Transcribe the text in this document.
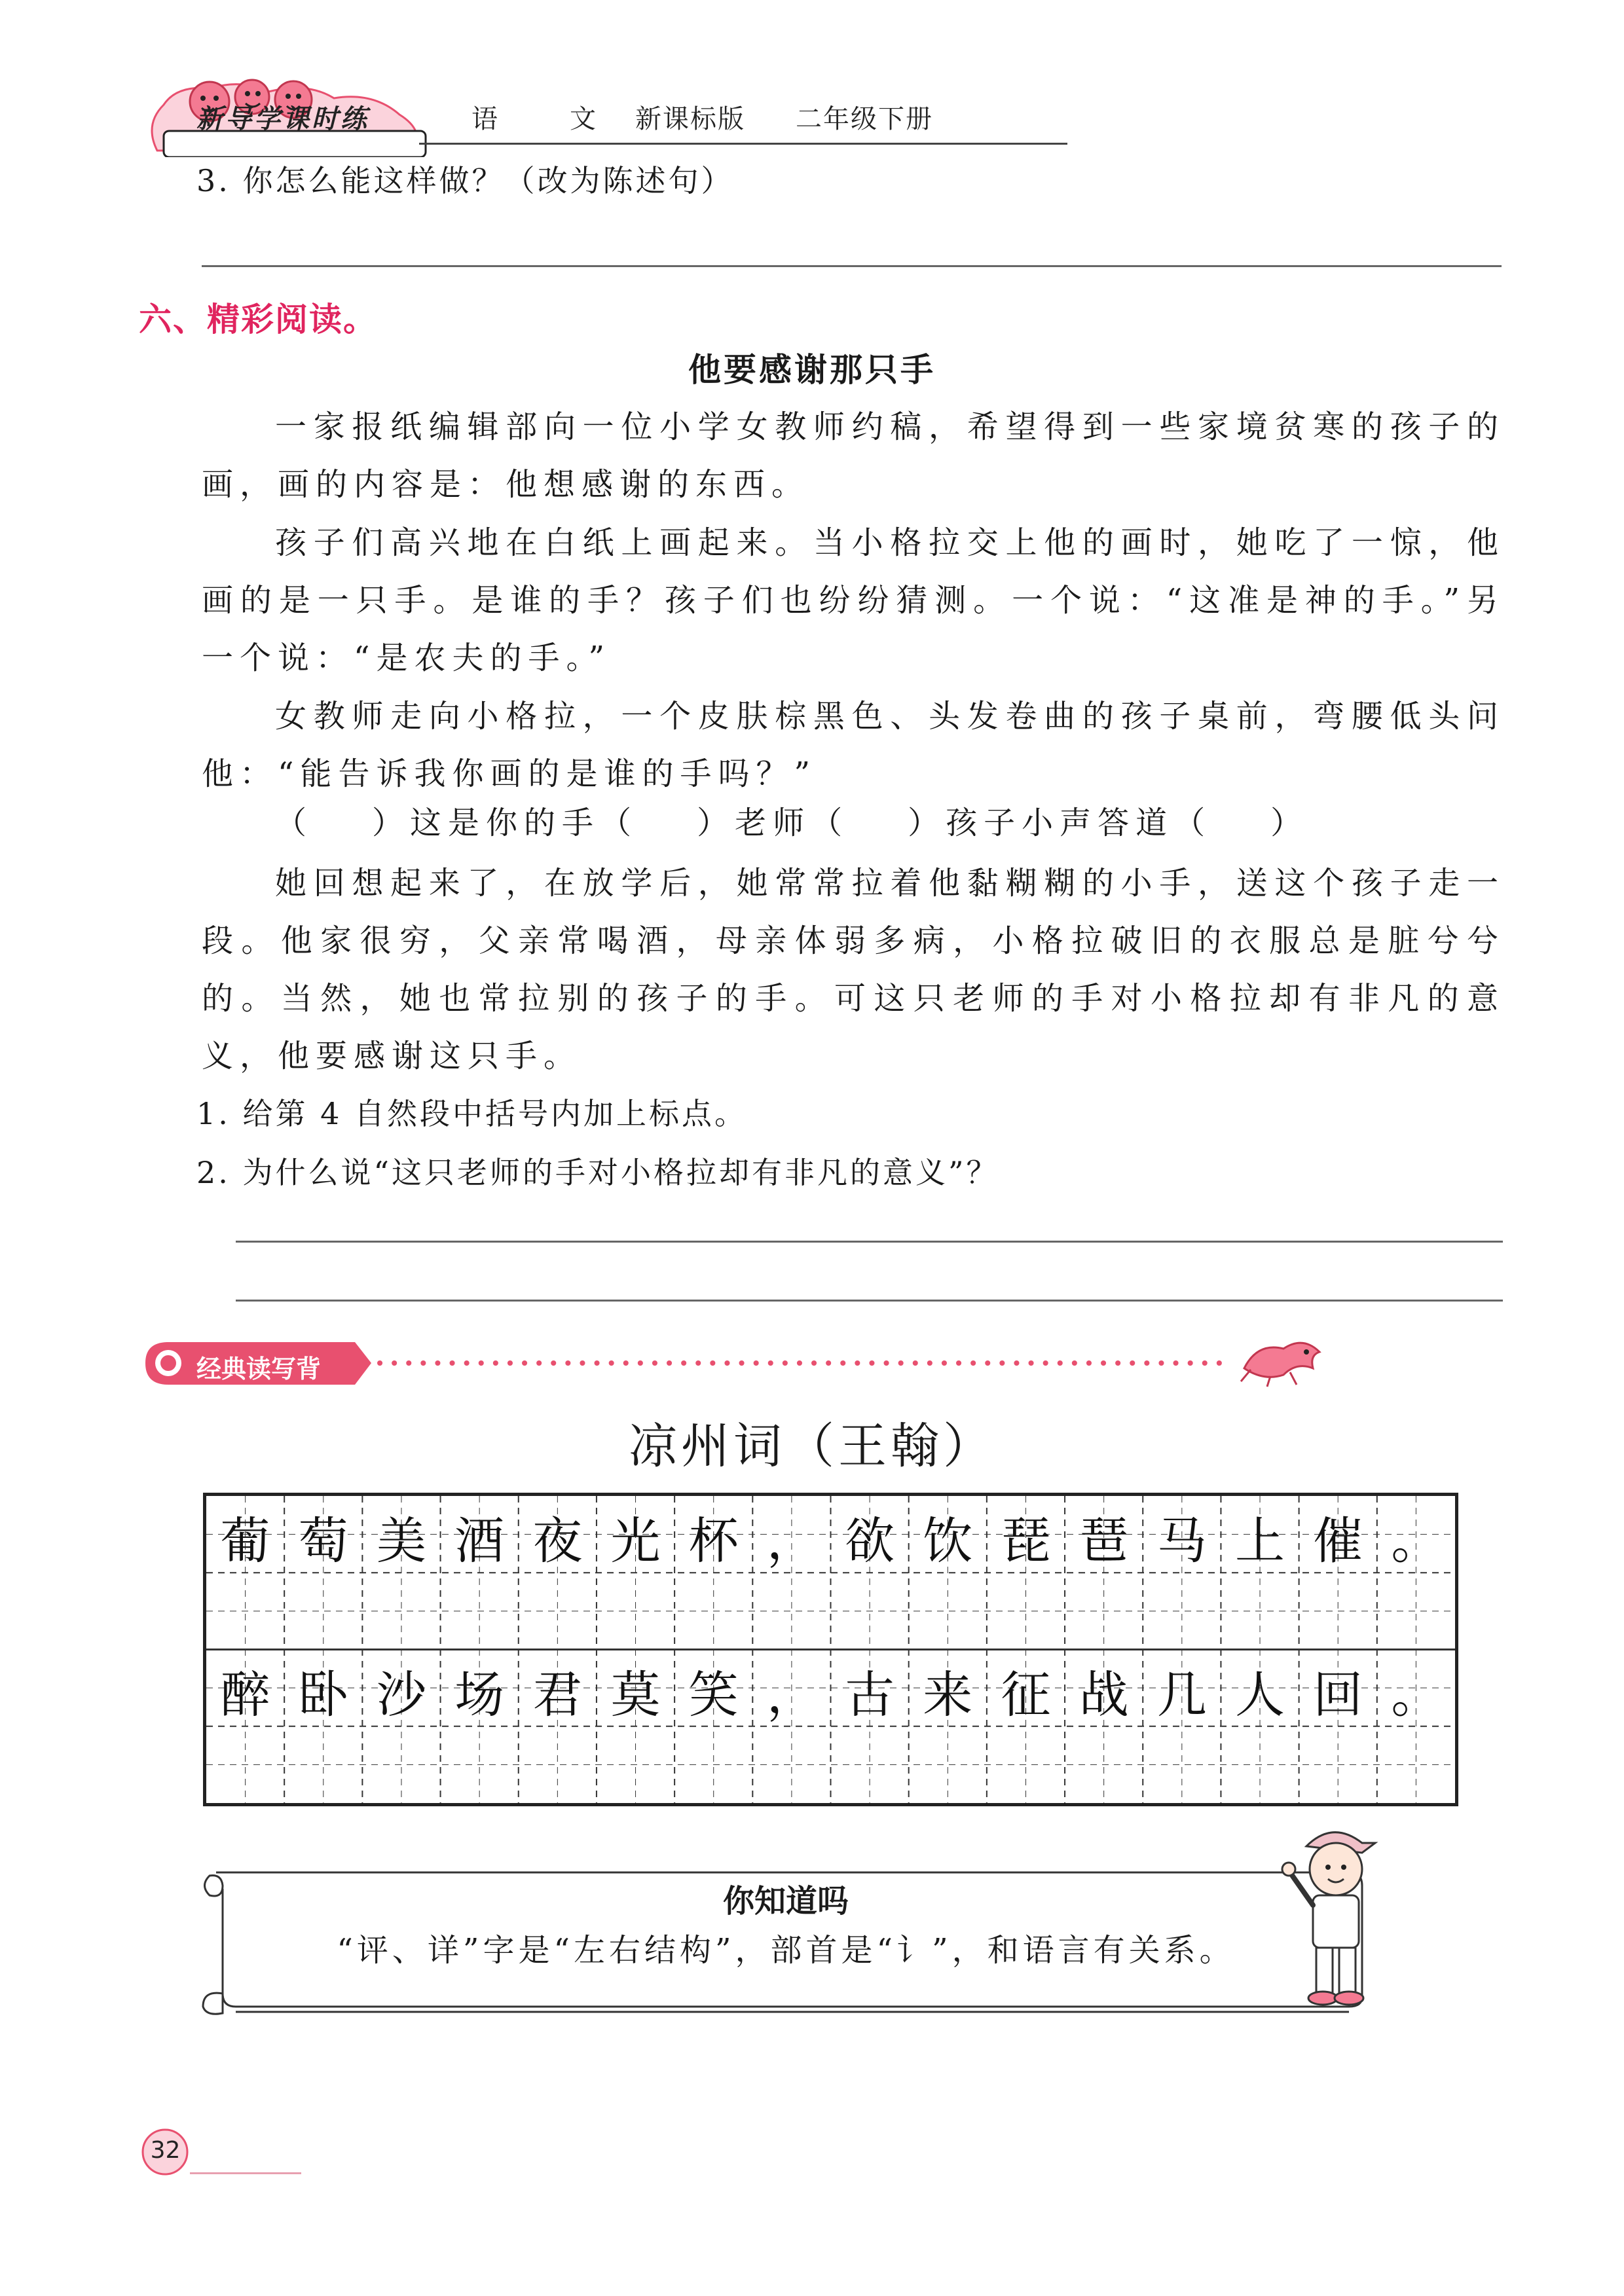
新导学课时练	语	文 新课标版 二年级下册
3. 你怎么能这样做？（改为陈述句）
六、精彩阅读。
他要感谢那只手
一家报纸编辑部向一位小学女教师约稿，希望得到一些家境贫寒的孩子的画，画的内容是：他想感谢的东西。
孩子们高兴地在白纸上画起来。当小格拉交上他的画时，她吃了一惊，他画的是一只手。是谁的手？孩子们也纷纷猜测。一个说：“这准是神的手。”另一个说：“是农夫的手。”
女教师走向小格拉，一个皮肤棕黑色、头发卷曲的孩子桌前，弯腰低头问他：“能告诉我你画的是谁的手吗？”
（ ）这是你的手（ ）老师（ ）孩子小声答道（ ）
她回想起来了，在放学后，她常常拉着他黏糊糊的小手，送这个孩子走一段。他家很穷，父亲常喝酒，母亲体弱多病，小格拉破旧的衣服总是脏兮兮的。当然，她也常拉别的孩子的手。可这只老师的手对小格拉却有非凡的意义，他要感谢这只手。
1. 给第 4 自然段中括号内加上标点。
2. 为什么说“这只老师的手对小格拉却有非凡的意义”？
经典读写背
凉州词（王翰）
葡 萄 美 酒 夜 光 杯 ， 欲 饮 琵 琶 马 上 催 。
醉 卧 沙 场 君 莫 笑 ， 古 来 征 战 几 人 回 。
你知道吗
“评、详”字是“左右结构”，部首是“讠”，和语言有关系。
32
